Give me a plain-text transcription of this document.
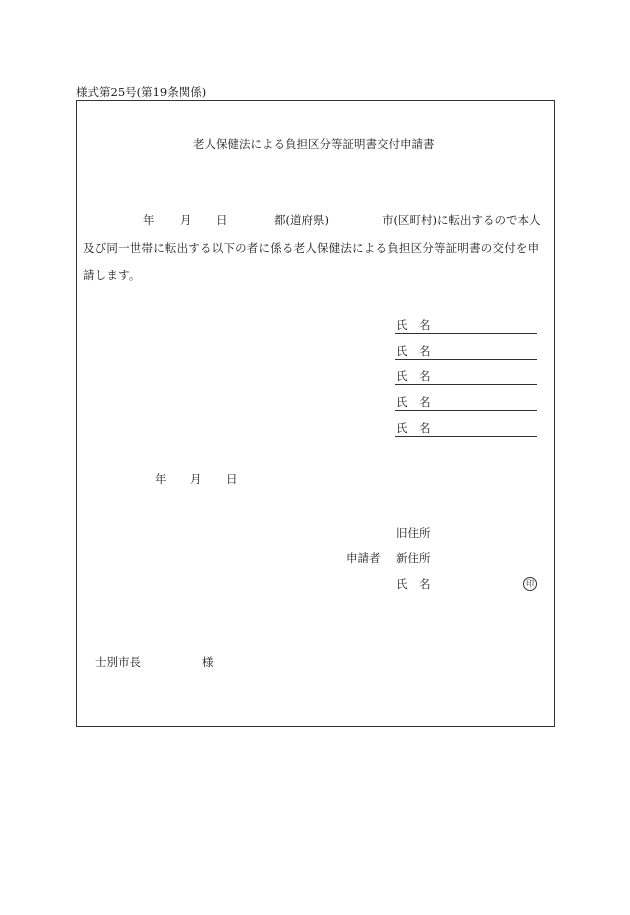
様式第25号(第19条関係)
老人保健法による負担区分等証明書交付申請書
年 月 日	都(道府県)	市(区町村)に転出するので本人
及び同一世帯に転出する以下の者に係る老人保健法による負担区分等証明書の交付を申
請します。
氏　名
氏　名
氏　名
氏　名
氏　名
年 月 日
旧住所
申請者 新住所
氏　名	印
士別市長	様
